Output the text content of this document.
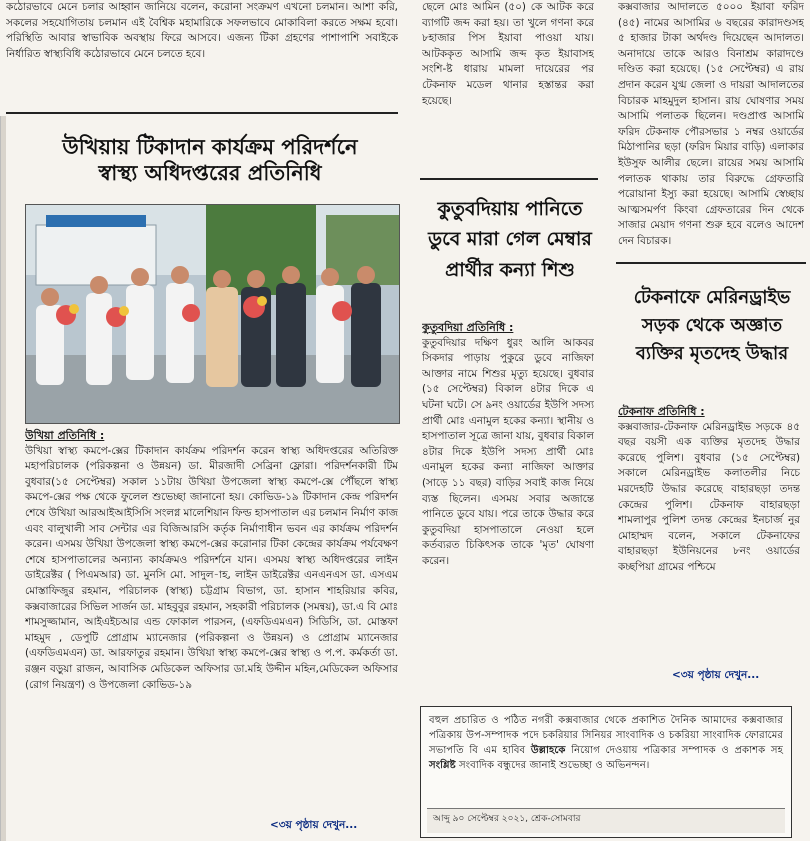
কঠোরভাবে মেনে চলার আহ্বান জানিয়ে বলেন, করোনা সংক্রমণ এখনো চলমান। আশা করি, সকলের সহযোগিতায় চলমান এই বৈশ্বিক মহামারিকে সফলভাবে মোকাবিলা করতে সক্ষম হবো। পরিস্থিতি আবার স্বাভাবিক অবস্থায় ফিরে আসবে। এজন্য টিকা গ্রহণের পাশাপাশি সবাইকে নির্ধারিত স্বাস্থ্যবিধি কঠোরভাবে মেনে চলতে হবে।

উখিয়ায় টিকাদান কার্যক্রম পরিদর্শনে
স্বাস্থ্য অধিদপ্তরের প্রতিনিধি
উখিয়া প্রতিনিধি :

উখিয়া স্বাস্থ্য কমপে-ক্সের টিকাদান কার্যক্রম পরিদর্শন করেন স্বাস্থ্য অধিদপ্তরের অতিরিক্ত মহাপরিচালক (পরিকল্পনা ও উন্নয়ন) ডা. মীরজাদী সেব্রিনা ফ্লোরা। পরিদর্শনকারী টিম বুধবার(১৫ সেপ্টেম্বর) সকাল ১১টায় উখিয়া উপজেলা স্বাস্থ্য কমপে-ক্সে পৌঁছলে স্বাস্থ্য কমপে-ক্সের পক্ষ থেকে ফুলেল শুভেচ্ছা জানানো হয়। কোভিড-১৯ টিকাদান কেন্দ্র পরিদর্শন শেষে উখিয়া আরআইআইসিসি সংলগ্ন মালেশিয়ান ফিল্ড হাসপাতাল এর চলমান নির্মাণ কাজ এবং বালুখালী সাব সেন্টার এর বিজিআরসি কর্তৃক নির্মাণাধীন ভবন এর কার্যক্রম পরিদর্শন করেন। এসময় উখিয়া উপজেলা স্বাস্থ্য কমপে-ক্সের করোনার টিকা কেন্দ্রের কার্যক্রম পর্যবেক্ষণ শেষে হাসপাতালের অন্যান্য কার্যক্রমও পরিদর্শনে যান। এসময় স্বাস্থ্য অধিদপ্তরের লাইন ডাইরেক্টর ( পিএমআর) ডা. মুনসি মো. সাদুল-াহ, লাইন ডাইরেক্টর এনএনএস ডা. এসএম মোস্তাফিজুর রহমান, পরিচালক (স্বাস্থ্য) চট্টগ্রাম বিভাগ, ডা. হাসান শাহরিয়ার কবির, কক্সবাজারের সিভিল সার্জন ডা. মাহবুবুর রহমান, সহকারী পরিচালক (সমন্বয়), ডা.এ বি মোঃ শামসুজ্জামান, আইএইচআর এন্ড ফোকাল পারসন, (এফডিএমএন) সিডিসি, ডা. মোস্তফা মাহমুদ , ডেপুটি প্রোগ্রাম ম্যানেজার (পরিকল্পনা ও উন্নয়ন) ও প্রোগ্রাম ম্যানেজার (এফডিএমএন) ডা. আরফাতুর রহমান। উখিয়া স্বাস্থ্য কমপে-ক্সের স্বাস্থ্য ও প.প. কর্মকর্তা ডা. রঞ্জন বড়ুয়া রাজন, আবাসিক মেডিকেল অফিসার ডা.মহি উদ্দীন মহিন,মেডিকেল অফিসার (রোগ নিয়ন্ত্রণ) ও উপজেলা কোভিড-১৯

<৩য় পৃষ্ঠায় দেখুন...

ছেলে মোঃ আমিন (৫০) কে আটক করে ব্যাগটি জব্দ করা হয়। তা খুলে গণনা করে ৮হাজার পিস ইয়াবা পাওয়া যায়। আটককৃত আসামি জব্দ কৃত ইয়াবাসহ সংশি-ষ্ট ধারায় মামলা দায়েরের পর টেকনাফ মডেল থানার হস্তান্তর করা হয়েছে।

কুতুবদিয়ায় পানিতে
ডুবে মারা গেল মেম্বার
প্রার্থীর কন্যা শিশু
কুতুবদিয়া প্রতিনিধি :

কুতুবদিয়ার দক্ষিণ ধুরং আলি আকবর সিকদার পাড়ায় পুকুরে ডুবে নাজিফা আক্তার নামে শিশুর মৃত্যু হয়েছে। বুধবার (১৫ সেপ্টেম্বর) বিকাল ৪টার দিকে এ ঘটনা ঘটে। সে ৯নং ওয়ার্ডের ইউপি সদস্য প্রার্থী মোঃ এনামুল হকের কন্যা। স্থানীয় ও হাসপাতাল সূত্রে জানা যায়, বুধবার বিকাল ৪টার দিকে ইউপি সদস্য প্রার্থী মোঃ এনামুল হকের কন্যা নাজিফা আক্তার (সাড়ে ১১ বছর) বাড়ির সবাই কাজ নিয়ে ব্যস্ত ছিলেন। এসময় সবার অজান্তে পানিতে ডুবে যায়। পরে তাকে উদ্ধার করে কুতুবদিয়া হাসপাতালে নেওয়া হলে কর্তব্যরত চিকিৎসক তাকে 'মৃত' ঘোষণা করেন।

কক্সবাজার আদালতে ৫০০০ ইয়াবা ফরিদ (৪৫) নামের আসামির ৬ বছরের কারাদণ্ডসহ ৫ হাজার টাকা অর্থদণ্ড দিয়েছেন আদালত। অনাদায়ে তাকে আরও বিনাশ্রম কারাদণ্ডে দণ্ডিত করা হয়েছে। (১৫ সেপ্টেম্বর) এ রায় প্রদান করেন যুগ্ম জেলা ও দায়রা আদালতের বিচারক মাহমুদুল হাসান। রায় ঘোষণার সময় আসামি পলাতক ছিলেন। দণ্ডপ্রাপ্ত আসামি ফরিদ টেকনাফ পৌরসভার ১ নম্বর ওয়ার্ডের মিঠাপানির ছড়া (ফরিদ মিয়ার বাড়ি) এলাকার ইউসুফ আলীর ছেলে। রায়ের সময় আসামি পলাতক থাকায় তার বিরুদ্ধে গ্রেফতারি পরোয়ানা ইস্যু করা হয়েছে। আসামি স্বেচ্ছায় আত্মসমর্পণ কিংবা গ্রেফতারের দিন থেকে সাজার মেয়াদ গণনা শুরু হবে বলেও আদেশ দেন বিচারক।

টেকনাফে মেরিনড্রাইভ
সড়ক থেকে অজ্ঞাত
ব্যক্তির মৃতদেহ উদ্ধার
টেকনাফ প্রতিনিধি :

কক্সবাজার-টেকনাফ মেরিনড্রাইভ সড়কে ৪৫ বছর বয়সী এক ব্যক্তির মৃতদেহ উদ্ধার করেছে পুলিশ। বুধবার (১৫ সেপ্টেম্বর) সকালে মেরিনড্রাইভ কলাতলীর নিচে মরদেহটি উদ্ধার করেছে বাহারছড়া তদন্ত কেন্দ্রের পুলিশ। টেকনাফ বাহারছড়া শামলাপুর পুলিশ তদন্ত কেন্দ্রের ইনচার্জ নুর মোহাম্মদ বলেন, সকালে টেকনাফের বাহারছড়া ইউনিয়নের ৮নং ওয়ার্ডের কচ্ছপিয়া গ্রামের পশ্চিমে

<৩য় পৃষ্ঠায় দেখুন...
বহুল প্রচারিত ও পঠিত নগরী কক্সবাজার থেকে প্রকাশিত দৈনিক আমাদের কক্সবাজার পত্রিকায় উপ-সম্পাদক পদে চকরিয়ার সিনিয়র সাংবাদিক ও চকরিয়া সাংবাদিক ফোরামের সভাপতি বি এম হাবিব উল্লাহকে নিয়োগ দেওয়ায় পত্রিকার সম্পাদক ও প্রকাশক সহ সংশ্লিষ্ট সংবাদিক বন্ধুদের জানাই শুভেচ্ছা ও অভিনন্দন।
আব্দু ৯০ সেপ্টেম্বর ২০২১, শ্রেক-সোমবার
